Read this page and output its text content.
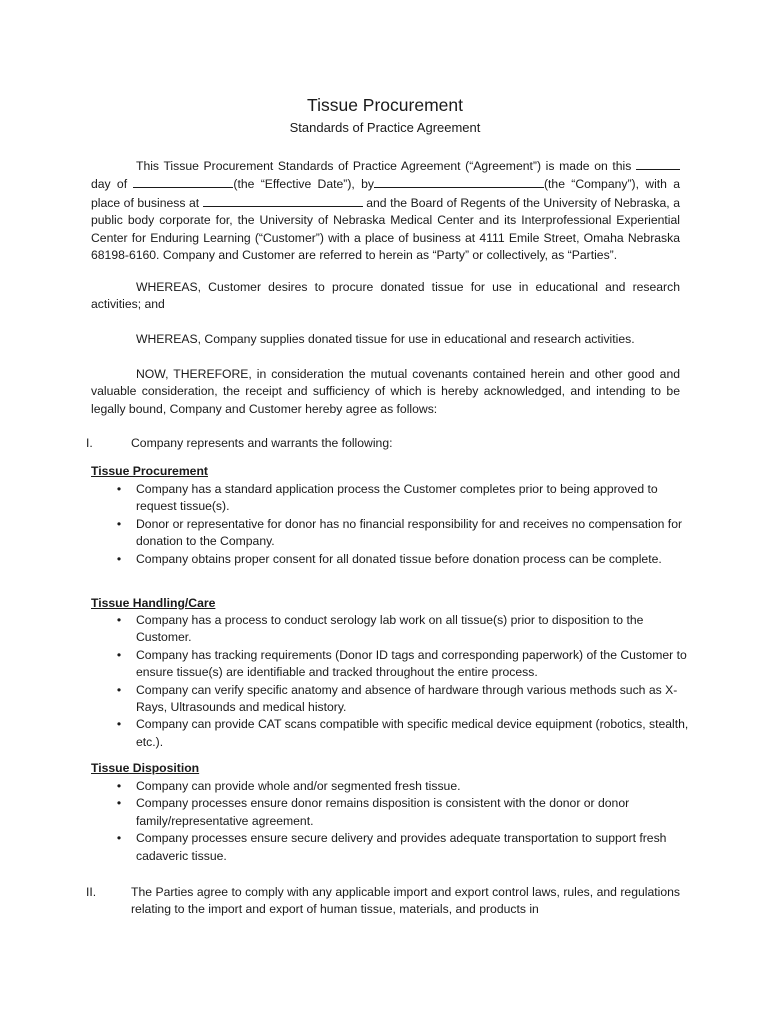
Tissue Procurement
Standards of Practice Agreement

This Tissue Procurement Standards of Practice Agreement (“Agreement”) is made on this  day of	(the “Effective Date”), by	(the “Company”), with a place of business at	and the Board of Regents of the University of Nebraska, a public body corporate for, the University of Nebraska Medical Center and its Interprofessional Experiential Center for Enduring Learning (“Customer”) with a place of business at 4111 Emile Street, Omaha Nebraska 68198-6160. Company and Customer are referred to herein as “Party” or collectively, as “Parties”.

WHEREAS, Customer desires to procure donated tissue for use in educational and research activities; and

WHEREAS, Company supplies donated tissue for use in educational and research activities.

NOW, THEREFORE, in consideration the mutual covenants contained herein and other good and valuable consideration, the receipt and sufficiency of which is hereby acknowledged, and intending to be legally bound, Company and Customer hereby agree as follows:

I.	Company represents and warrants the following:

Tissue Procurement

• Company has a standard application process the Customer completes prior to being approved to request tissue(s).
• Donor or representative for donor has no financial responsibility for and receives no compensation for donation to the Company.
• Company obtains proper consent for all donated tissue before donation process can be complete.

Tissue Handling/Care

• Company has a process to conduct serology lab work on all tissue(s) prior to disposition to the Customer.
• Company has tracking requirements (Donor ID tags and corresponding paperwork) of the Customer to ensure tissue(s) are identifiable and tracked throughout the entire process.
• Company can verify specific anatomy and absence of hardware through various methods such as X-Rays, Ultrasounds and medical history.
• Company can provide CAT scans compatible with specific medical device equipment (robotics, stealth, etc.).

Tissue Disposition

• Company can provide whole and/or segmented fresh tissue.
• Company processes ensure donor remains disposition is consistent with the donor or donor family/representative agreement.
• Company processes ensure secure delivery and provides adequate transportation to support fresh cadaveric tissue.

II.	The Parties agree to comply with any applicable import and export control laws, rules, and regulations relating to the import and export of human tissue, materials, and products in
